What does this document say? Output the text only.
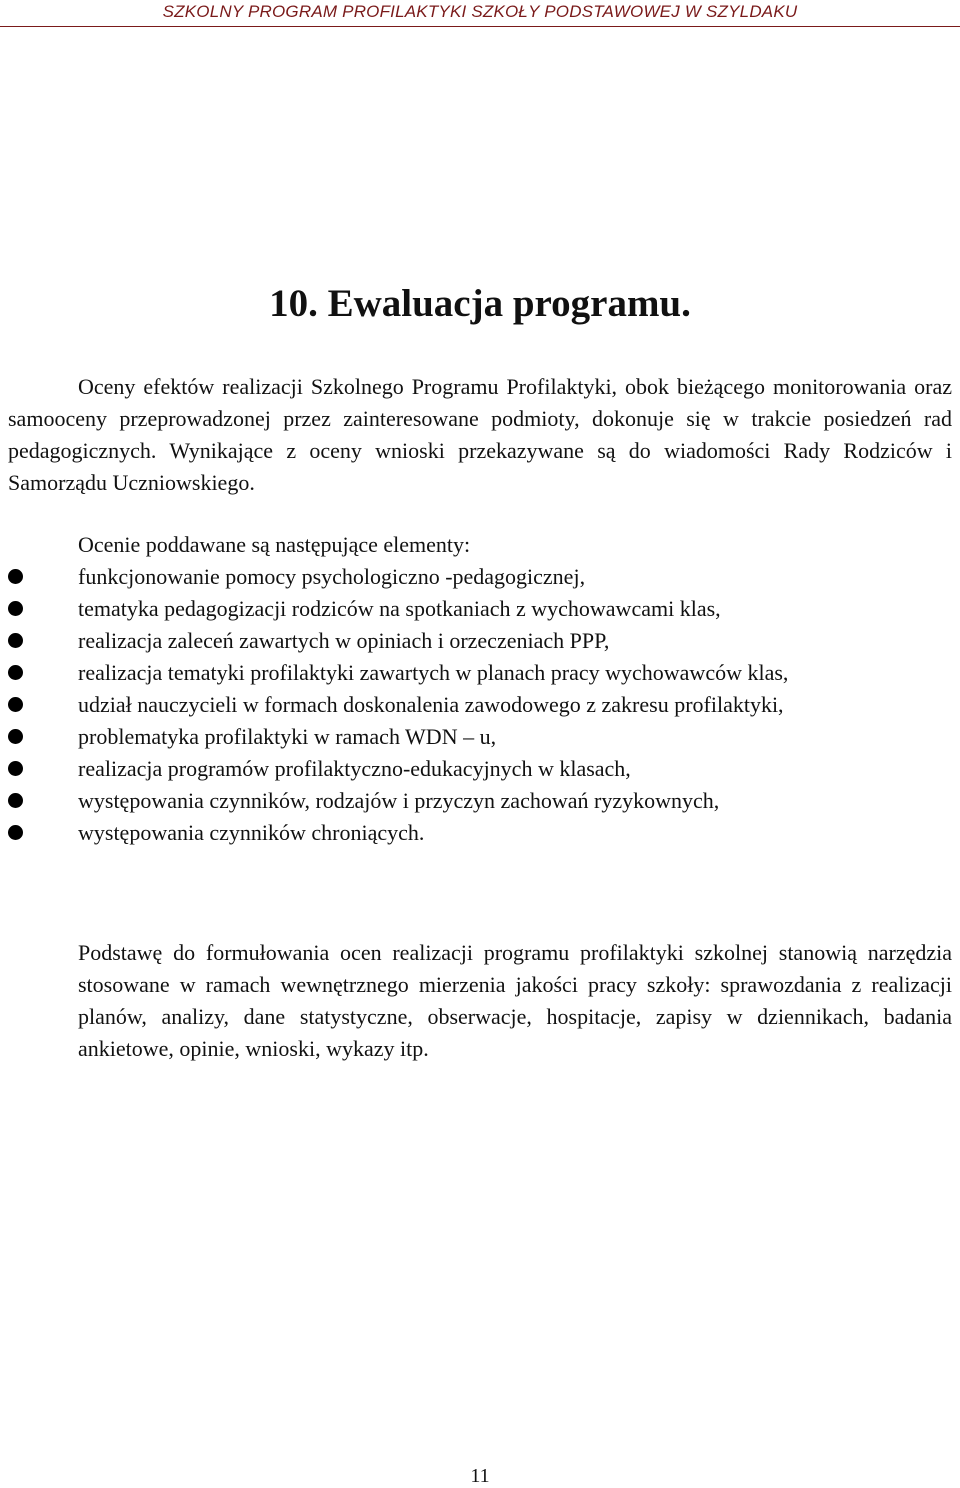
SZKOLNY PROGRAM PROFILAKTYKI SZKOŁY PODSTAWOWEJ W SZYLDAKU
10. Ewaluacja programu.

Oceny efektów realizacji Szkolnego Programu Profilaktyki, obok bieżącego monitorowania oraz samooceny przeprowadzonej przez zainteresowane podmioty, dokonuje się w trakcie posiedzeń rad pedagogicznych. Wynikające z oceny wnioski przekazywane są do wiadomości Rady Rodziców i Samorządu Uczniowskiego.

Ocenie poddawane są następujące elementy:

funkcjonowanie pomocy psychologiczno -pedagogicznej,
tematyka pedagogizacji rodziców na spotkaniach z wychowawcami klas,
realizacja zaleceń zawartych w opiniach i orzeczeniach PPP,
realizacja tematyki profilaktyki zawartych w planach pracy wychowawców klas,
udział nauczycieli w formach doskonalenia zawodowego z zakresu profilaktyki,
problematyka profilaktyki w ramach WDN – u,
realizacja programów profilaktyczno-edukacyjnych w klasach,
występowania czynników, rodzajów i przyczyn zachowań ryzykownych,
występowania czynników chroniących.

Podstawę do formułowania ocen realizacji programu profilaktyki szkolnej stanowią narzędzia stosowane w ramach wewnętrznego mierzenia jakości pracy szkoły: sprawozdania z realizacji planów, analizy, dane statystyczne, obserwacje, hospitacje, zapisy w dziennikach, badania ankietowe, opinie, wnioski, wykazy itp.

11
